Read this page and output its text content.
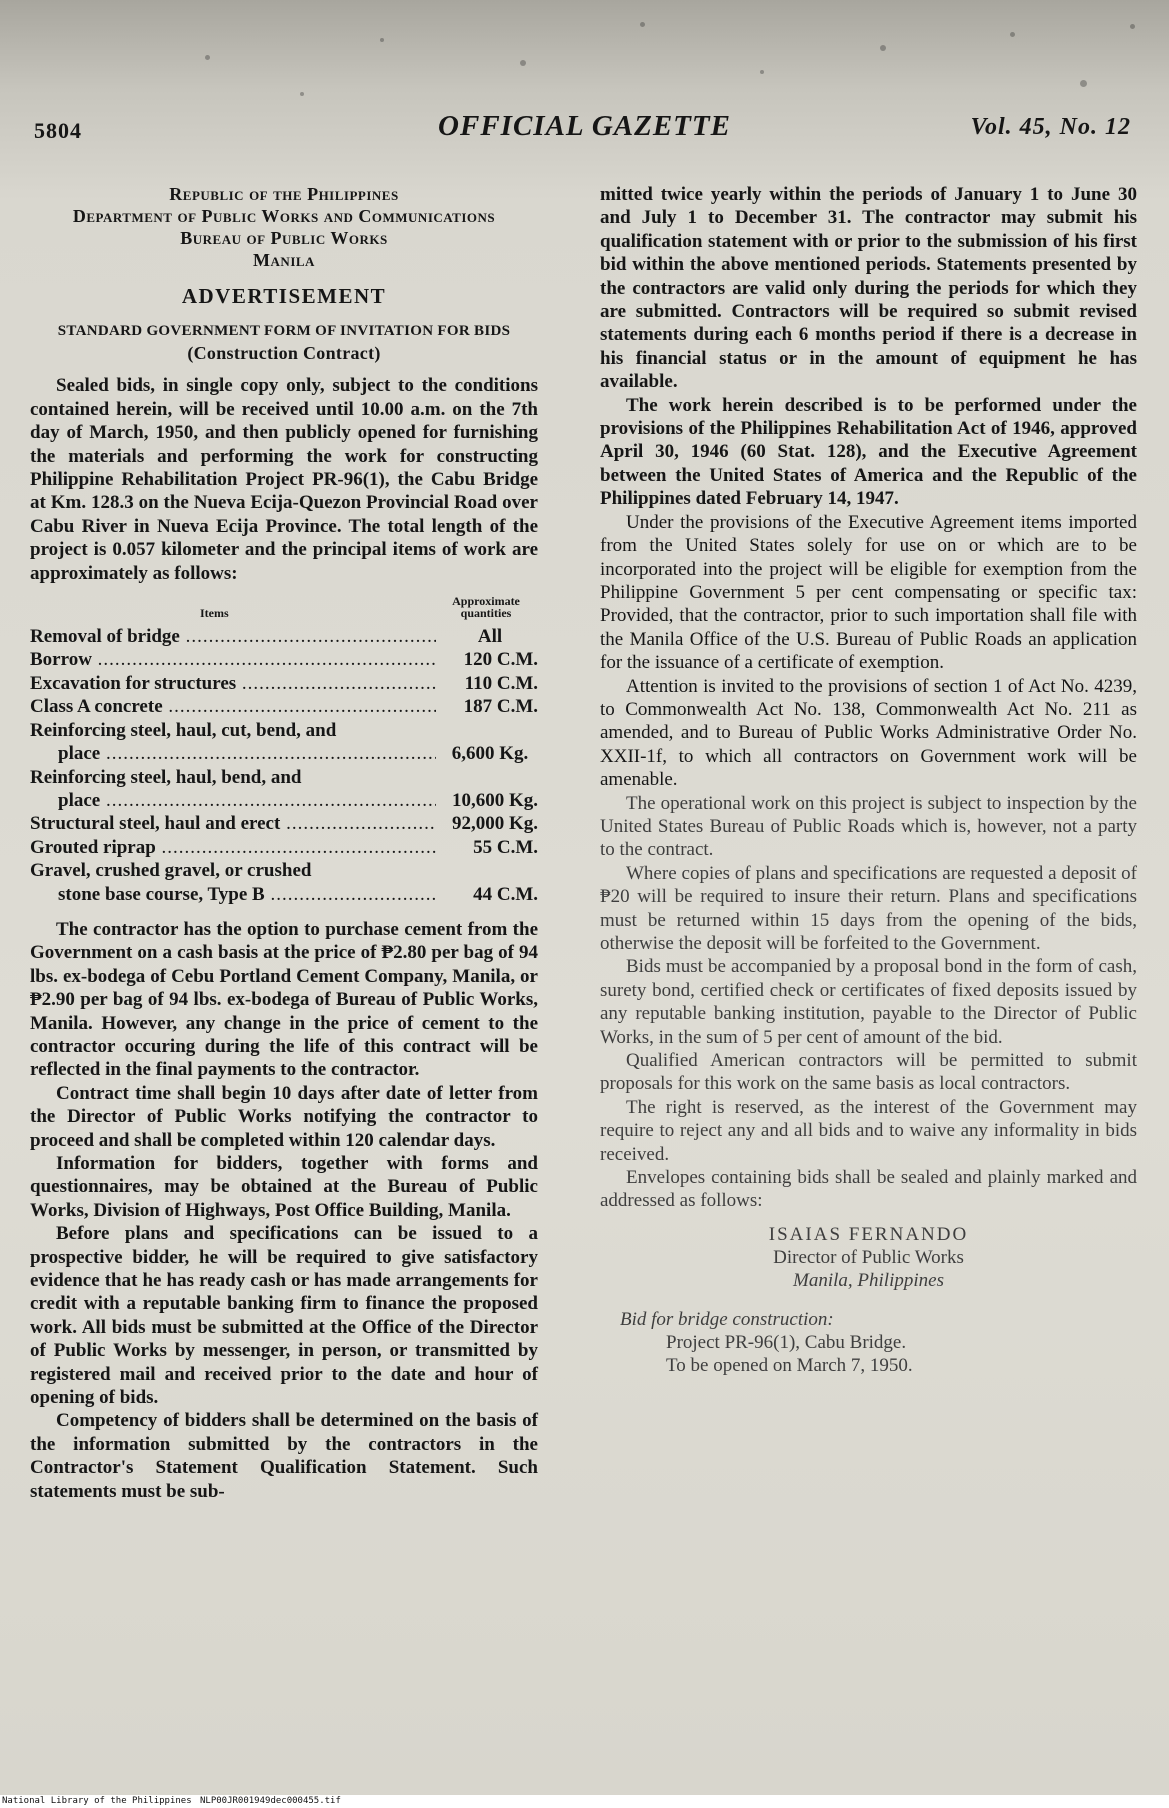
5804	OFFICIAL GAZETTE	Vol. 45, No. 12
Republic of the Philippines
Department of Public Works and Communications
Bureau of Public Works
Manila
ADVERTISEMENT
STANDARD GOVERNMENT FORM OF INVITATION FOR BIDS
(Construction Contract)

Sealed bids, in single copy only, subject to the conditions contained herein, will be received until 10.00 a.m. on the 7th day of March, 1950, and then publicly opened for furnishing the materials and performing the work for constructing Philippine Rehabilitation Project PR-96(1), the Cabu Bridge at Km. 128.3 on the Nueva Ecija-Quezon Provincial Road over Cabu River in Nueva Ecija Province. The total length of the project is 0.057 kilometer and the principal items of work are approximately as follows:

Items
Approximate quantities
Removal of bridge .....	All
Borrow .....	120 C.M.
Excavation for structures .....	110 C.M.
Class A concrete .....	187 C.M.
Reinforcing steel, haul, cut, bend, and
place .....	6,600 Kg.
Reinforcing steel, haul, bend, and
place .....	10,600 Kg.
Structural steel, haul and erect .....	92,000 Kg.
Grouted riprap .....	55 C.M.
Gravel, crushed gravel, or crushed
stone base course, Type B .....	44 C.M.

The contractor has the option to purchase cement from the Government on a cash basis at the price of ₱2.80 per bag of 94 lbs. ex-bodega of Cebu Portland Cement Company, Manila, or ₱2.90 per bag of 94 lbs. ex-bodega of Bureau of Public Works, Manila. However, any change in the price of cement to the contractor occuring during the life of this contract will be reflected in the final payments to the contractor.

Contract time shall begin 10 days after date of letter from the Director of Public Works notifying the contractor to proceed and shall be completed within 120 calendar days.

Information for bidders, together with forms and questionnaires, may be obtained at the Bureau of Public Works, Division of Highways, Post Office Building, Manila.

Before plans and specifications can be issued to a prospective bidder, he will be required to give satisfactory evidence that he has ready cash or has made arrangements for credit with a reputable banking firm to finance the proposed work. All bids must be submitted at the Office of the Director of Public Works by messenger, in person, or transmitted by registered mail and received prior to the date and hour of opening of bids.

Competency of bidders shall be determined on the basis of the information submitted by the contractors in the Contractor's Statement Qualification Statement. Such statements must be sub-

mitted twice yearly within the periods of January 1 to June 30 and July 1 to December 31. The contractor may submit his qualification statement with or prior to the submission of his first bid within the above mentioned periods. Statements presented by the contractors are valid only during the periods for which they are submitted. Contractors will be required so submit revised statements during each 6 months period if there is a decrease in his financial status or in the amount of equipment he has available.

The work herein described is to be performed under the provisions of the Philippines Rehabilitation Act of 1946, approved April 30, 1946 (60 Stat. 128), and the Executive Agreement between the United States of America and the Republic of the Philippines dated February 14, 1947.

Under the provisions of the Executive Agreement items imported from the United States solely for use on or which are to be incorporated into the project will be eligible for exemption from the Philippine Government 5 per cent compensating or specific tax: Provided, that the contractor, prior to such importation shall file with the Manila Office of the U.S. Bureau of Public Roads an application for the issuance of a certificate of exemption.

Attention is invited to the provisions of section 1 of Act No. 4239, to Commonwealth Act No. 138, Commonwealth Act No. 211 as amended, and to Bureau of Public Works Administrative Order No. XXII-1f, to which all contractors on Government work will be amenable.

The operational work on this project is subject to inspection by the United States Bureau of Public Roads which is, however, not a party to the contract.

Where copies of plans and specifications are requested a deposit of ₱20 will be required to insure their return. Plans and specifications must be returned within 15 days from the opening of the bids, otherwise the deposit will be forfeited to the Government.

Bids must be accompanied by a proposal bond in the form of cash, surety bond, certified check or certificates of fixed deposits issued by any reputable banking institution, payable to the Director of Public Works, in the sum of 5 per cent of amount of the bid.

Qualified American contractors will be permitted to submit proposals for this work on the same basis as local contractors.

The right is reserved, as the interest of the Government may require to reject any and all bids and to waive any informality in bids received.

Envelopes containing bids shall be sealed and plainly marked and addressed as follows:

ISAIAS FERNANDO
Director of Public Works
Manila, Philippines
Bid for bridge construction:
Project PR-96(1), Cabu Bridge.
To be opened on March 7, 1950.
National Library of the Philippines NLP00JR001949dec000455.tif
